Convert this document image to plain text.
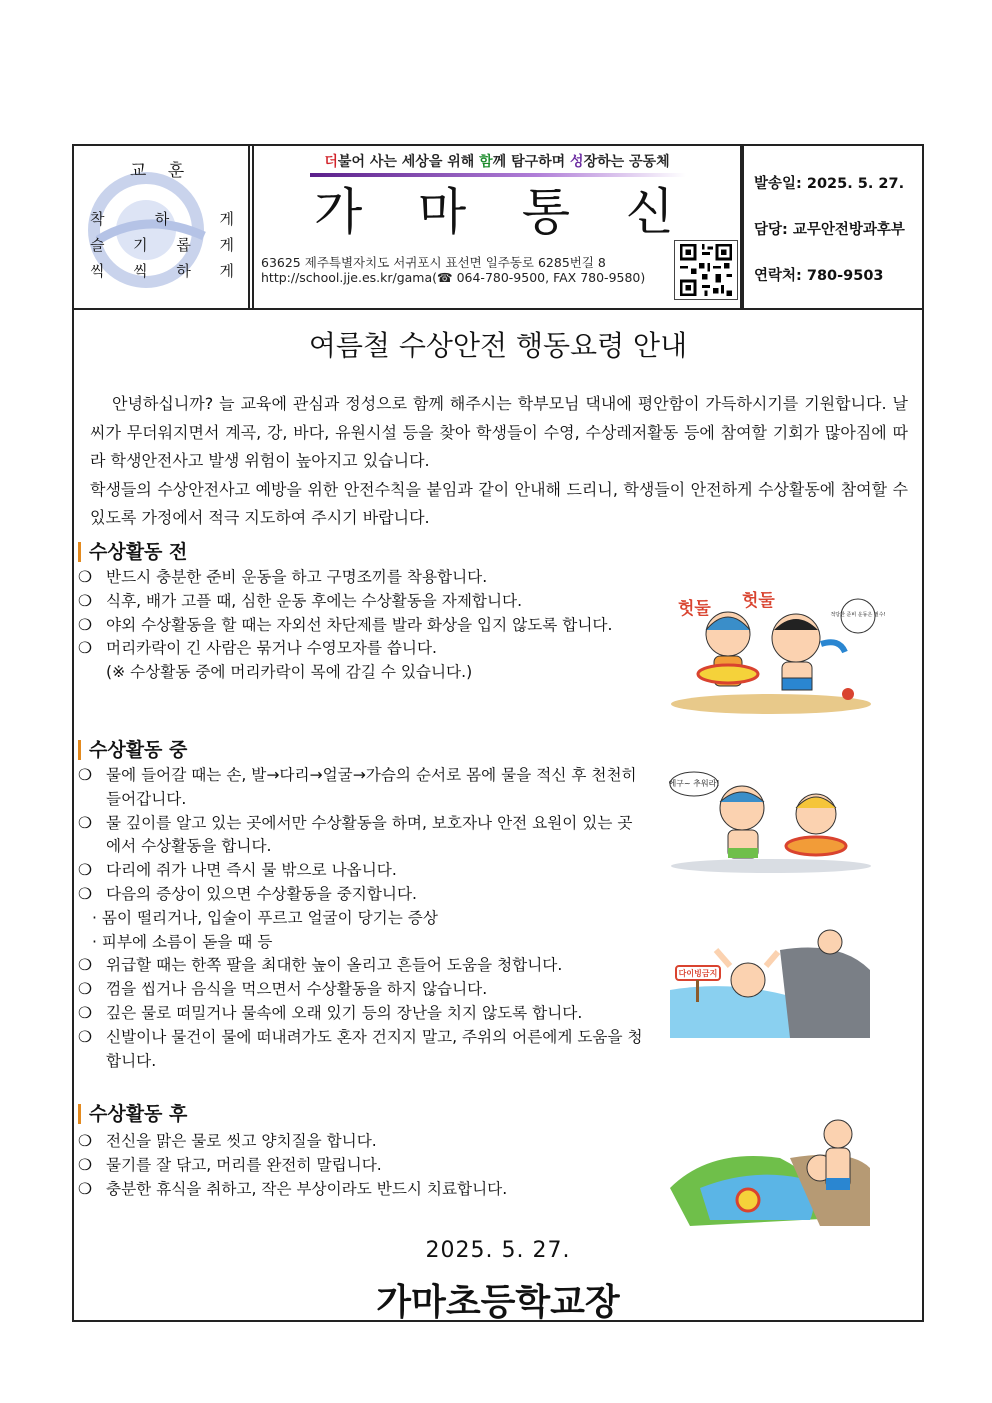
교 훈
착	하	게
슬 기 롭 게
씩 씩 하 게
더불어 사는 세상을 위해 함께 탐구하며 성장하는 공동체
가 마 통 신
63625 제주특별자치도 서귀포시 표선면 일주동로 6285번길 8
http://school.jje.es.kr/gama(☎ 064-780-9500, FAX 780-9580)
발송일: 2025. 5. 27.
담당: 교무안전방과후부
연락처: 780-9503
여름철 수상안전 행동요령 안내

안녕하십니까? 늘 교육에 관심과 정성으로 함께 해주시는 학부모님 댁내에 평안함이 가득하시기를 기원합니다. 날씨가 무더워지면서 계곡, 강, 바다, 유원시설 등을 찾아 학생들이 수영, 수상레저활동 등에 참여할 기회가 많아짐에 따라 학생안전사고 발생 위험이 높아지고 있습니다.

학생들의 수상안전사고 예방을 위한 안전수칙을 붙임과 같이 안내해 드리니, 학생들이 안전하게 수상활동에 참여할 수 있도록 가정에서 적극 지도하여 주시기 바랍니다.

수상활동 전
❍ 반드시 충분한 준비 운동을 하고 구명조끼를 착용합니다.
❍ 식후, 배가 고플 때, 심한 운동 후에는 수상활동을 자제합니다.
❍ 야외 수상활동을 할 때는 자외선 차단제를 발라 화상을 입지 않도록 합니다.
❍ 머리카락이 긴 사람은 묶거나 수영모자를 씁니다.
(※ 수상활동 중에 머리카락이 목에 감길 수 있습니다.)
수상활동 중
❍ 물에 들어갈 때는 손, 발→다리→얼굴→가슴의 순서로 몸에 물을 적신 후 천천히 들어갑니다.
❍ 물 깊이를 알고 있는 곳에서만 수상활동을 하며, 보호자나 안전 요원이 있는 곳에서 수상활동을 합니다.
❍ 다리에 쥐가 나면 즉시 물 밖으로 나옵니다.
❍ 다음의 증상이 있으면 수상활동을 중지합니다.
· 몸이 떨리거나, 입술이 푸르고 얼굴이 당기는 증상
· 피부에 소름이 돋을 때 등
❍ 위급할 때는 한쪽 팔을 최대한 높이 올리고 흔들어 도움을 청합니다.
❍ 껌을 씹거나 음식을 먹으면서 수상활동을 하지 않습니다.
❍ 깊은 물로 떠밀거나 물속에 오래 있기 등의 장난을 치지 않도록 합니다.
❍ 신발이나 물건이 물에 떠내려가도 혼자 건지지 말고, 주위의 어른에게 도움을 청합니다.
수상활동 후
❍ 전신을 맑은 물로 씻고 양치질을 합니다.
❍ 물기를 잘 닦고, 머리를 완전히 말립니다.
❍ 충분한 휴식을 취하고, 작은 부상이라도 반드시 치료합니다.
헛둘 헛둘
적당한 준비 운동은 필수!
에구~ 추워라!
다이빙금지
2025. 5. 27.
가마초등학교장
